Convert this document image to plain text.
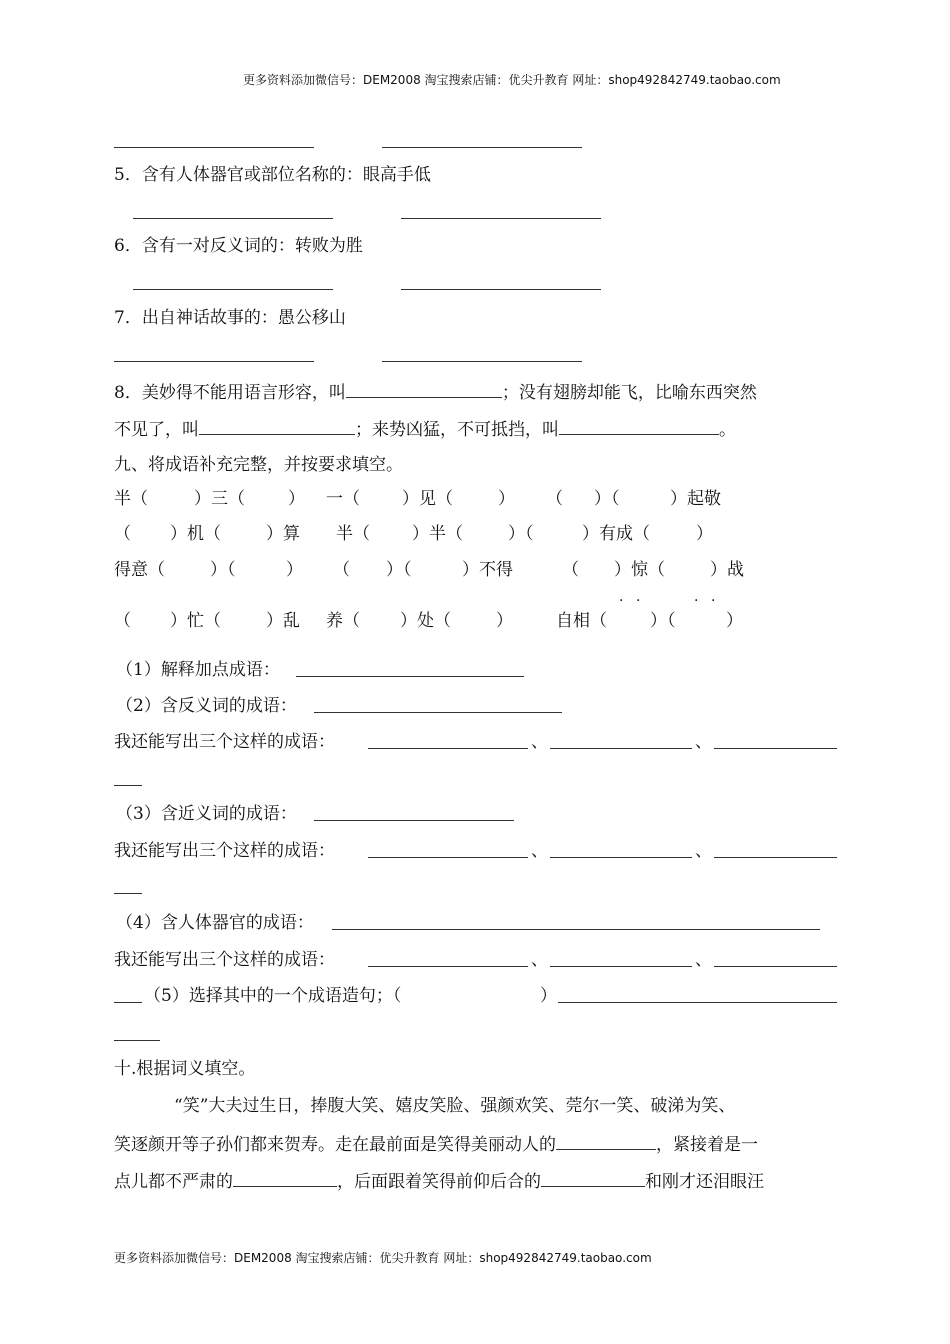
更多资料添加微信号：DEM2008 淘宝搜索店铺：优尖升教育 网址：shop492842749.taobao.com
5．含有人体器官或部位名称的：眼高手低
6．含有一对反义词的：转败为胜
7．出自神话故事的：愚公移山
8．美妙得不能用语言形容，叫	；没有翅膀却能飞，比喻东西突然
不见了，叫	；来势凶猛，不可抵挡，叫	。
九、将成语补充完整，并按要求填空。
半（	）三（	） 一（ ）见（	） （ ）（	）起敬
（ ）机（	）算 半（ ）半（	）（	）有成（	）
得意（	）（	） （ ）（	）不得	（ ）惊（	）战
· ·	· ·
（ ）忙（	）乱 养（ ）处（	）	自相（	）（	）
（1）解释加点成语：
（2）含反义词的成语：
我还能写出三个这样的成语：	、	、
（3）含近义词的成语：
我还能写出三个这样的成语：	、	、
（4）含人体器官的成语：
我还能写出三个这样的成语：	、	、
（5）选择其中的一个成语造句；（	）
十.根据词义填空。
“笑”大夫过生日，捧腹大笑、嬉皮笑脸、强颜欢笑、莞尔一笑、破涕为笑、
笑逐颜开等子孙们都来贺寿。走在最前面是笑得美丽动人的	，紧接着是一
点儿都不严肃的	，后面跟着笑得前仰后合的	和刚才还泪眼汪
更多资料添加微信号：DEM2008 淘宝搜索店铺：优尖升教育 网址：shop492842749.taobao.com
